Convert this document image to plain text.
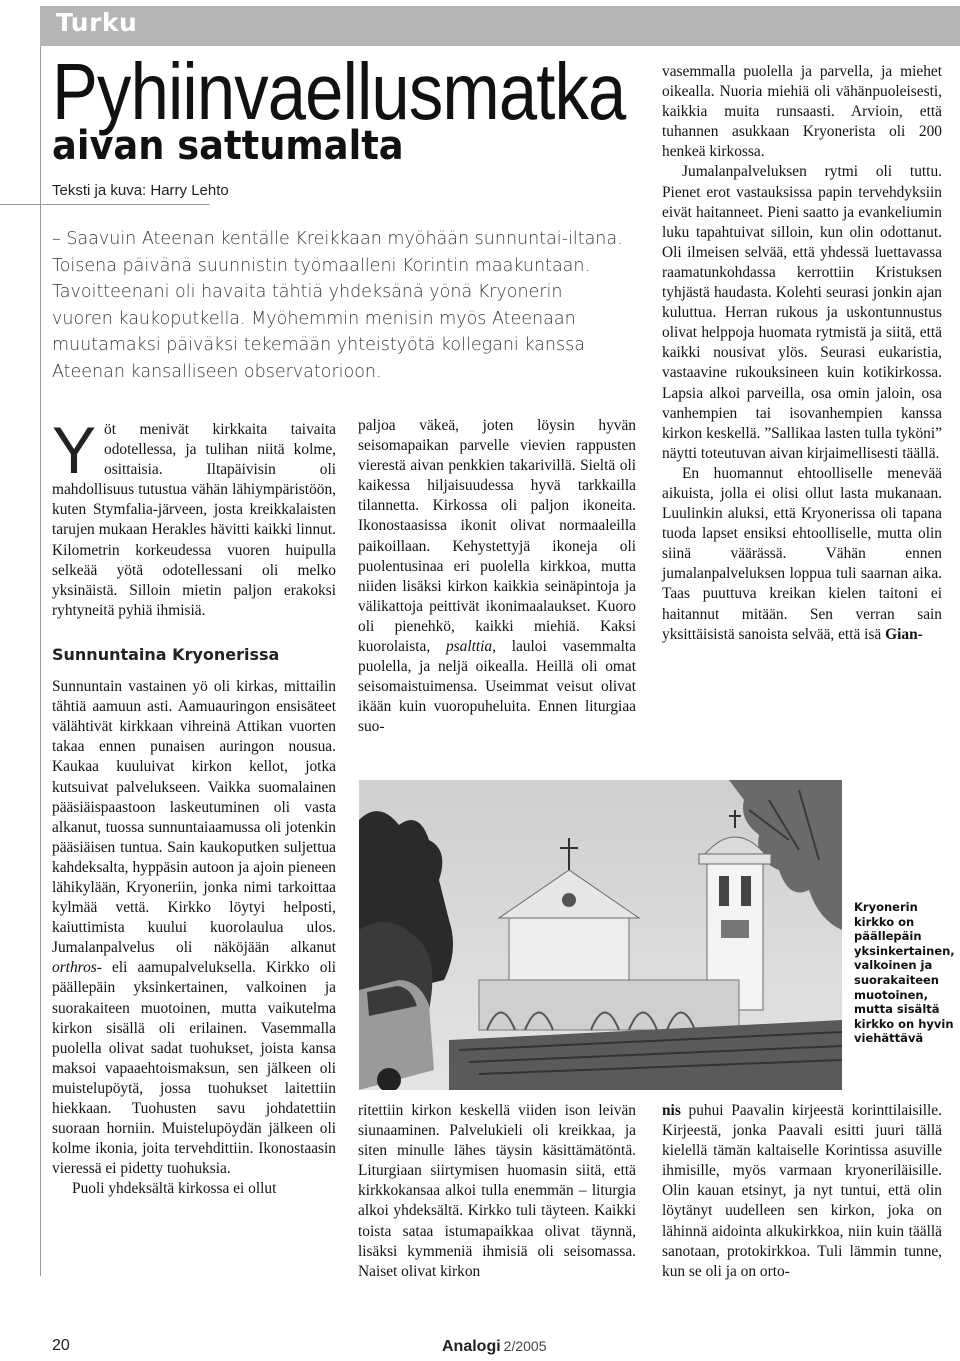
Turku
Pyhiinvaellusmatka
aivan sattumalta
Teksti ja kuva: Harry Lehto

– Saavuin Ateenan kentälle Kreikkaan myöhään sunnuntai-iltana. Toisena päivänä suunnistin työmaalleni Korintin maakuntaan. Tavoitteenani oli havaita tähtiä yhdeksänä yönä Kryonerin vuoren kaukoputkella. Myöhemmin menisin myös Ateenaan muutamaksi päiväksi tekemään yhteistyötä kollegani kanssa Ateenan kansalliseen observatorioon.

Yöt menivät kirkkaita taivaita odotellessa, ja tulihan niitä kolme, osittaisia. Iltapäivisin oli mahdollisuus tutustua vähän lähiympäristöön, kuten Stymfalia-järveen, josta kreikkalaisten tarujen mukaan Herakles hävitti kaikki linnut. Kilometrin korkeudessa vuoren huipulla selkeää yötä odotellessani oli melko yksinäistä. Silloin mietin paljon erakoksi ryhtyneitä pyhiä ihmisiä.

Sunnuntaina Kryonerissa

Sunnuntain vastainen yö oli kirkas, mittailin tähtiä aamuun asti. Aamuauringon ensisäteet välähtivät kirkkaan vihreinä Attikan vuorten takaa ennen punaisen auringon nousua. Kaukaa kuuluivat kirkon kellot, jotka kutsuivat palvelukseen. Vaikka suomalainen pääsiäispaastoon laskeutuminen oli vasta alkanut, tuossa sunnuntaiaamussa oli jotenkin pääsiäisen tuntua. Sain kaukoputken suljettua kahdeksalta, hyppäsin autoon ja ajoin pieneen lähikylään, Kryoneriin, jonka nimi tarkoittaa kylmää vettä. Kirkko löytyi helposti, kaiuttimista kuului kuorolaulua ulos. Jumalanpalvelus oli näköjään alkanut orthros- eli aamupalveluksella. Kirkko oli päällepäin yksinkertainen, valkoinen ja suorakaiteen muotoinen, mutta vaikutelma kirkon sisällä oli erilainen. Vasemmalla puolella olivat sadat tuohukset, joista kansa maksoi vapaaehtoismaksun, sen jälkeen oli muistelupöytä, jossa tuohukset laitettiin hiekkaan. Tuohusten savu johdatettiin suoraan horniin. Muistelupöydän jälkeen oli kolme ikonia, joita tervehdittiin. Ikonostaasin vieressä ei pidetty tuohuksia.

Puoli yhdeksältä kirkossa ei ollut

paljoa väkeä, joten löysin hyvän seisomapaikan parvelle vievien rappusten vierestä aivan penkkien takarivillä. Sieltä oli kaikessa hiljaisuudessa hyvä tarkkailla tilannetta. Kirkossa oli paljon ikoneita. Ikonostaasissa ikonit olivat normaaleilla paikoillaan. Kehystettyjä ikoneja oli puolentusinaa eri puolella kirkkoa, mutta niiden lisäksi kirkon kaikkia seinäpintoja ja välikattoja peittivät ikonimaalaukset. Kuoro oli pienehkö, kaikki miehiä. Kaksi kuorolaista, psalttia, lauloi vasemmalta puolella, ja neljä oikealla. Heillä oli omat seisomaistuimensa. Useimmat veisut olivat ikään kuin vuoropuheluita. Ennen liturgiaa suo-

vasemmalla puolella ja parvella, ja miehet oikealla. Nuoria miehiä oli vähänpuoleisesti, kaikkia muita runsaasti. Arvioin, että tuhannen asukkaan Kryonerista oli 200 henkeä kirkossa.

Jumalanpalveluksen rytmi oli tuttu. Pienet erot vastauksissa papin tervehdyksiin eivät haitanneet. Pieni saatto ja evankeliumin luku tapahtuivat silloin, kun olin odottanut. Oli ilmeisen selvää, että yhdessä luettavassa raamatunkohdassa kerrottiin Kristuksen tyhjästä haudasta. Kolehti seurasi jonkin ajan kuluttua. Herran rukous ja uskontunnustus olivat helppoja huomata rytmistä ja siitä, että kaikki nousivat ylös. Seurasi eukaristia, vastaavine rukouksineen kuin kotikirkossa. Lapsia alkoi parveilla, osa omin jaloin, osa vanhempien tai isovanhempien kanssa kirkon keskellä. ”Sallikaa lasten tulla tyköni” näytti toteutuvan aivan kirjaimellisesti täällä.

En huomannut ehtoolliselle menevää aikuista, jolla ei olisi ollut lasta mukanaan. Luulinkin aluksi, että Kryonerissa oli tapana tuoda lapset ensiksi ehtoolliselle, mutta olin siinä väärässä. Vähän ennen jumalanpalveluksen loppua tuli saarnan aika. Taas puuttuva kreikan kielen taitoni ei haitannut mitään. Sen verran sain yksittäisistä sanoista selvää, että isä Gian-

Kryonerin kirkko on päällepäin yksinkertainen, valkoinen ja suorakaiteen muotoinen, mutta sisältä kirkko on hyvin viehättävä

ritettiin kirkon keskellä viiden ison leivän siunaaminen. Palvelukieli oli kreikkaa, ja siten minulle lähes täysin käsittämätöntä. Liturgiaan siirtymisen huomasin siitä, että kirkkokansaa alkoi tulla enemmän – liturgia alkoi yhdeksältä. Kirkko tuli täyteen. Kaikki toista sataa istumapaikkaa olivat täynnä, lisäksi kymmeniä ihmisiä oli seisomassa. Naiset olivat kirkon

nis puhui Paavalin kirjeestä korinttilaisille. Kirjeestä, jonka Paavali esitti juuri tällä kielellä tämän kaltaiselle Korintissa asuville ihmisille, myös varmaan kryoneriläisille. Olin kauan etsinyt, ja nyt tuntui, että olin löytänyt uudelleen sen kirkon, joka on lähinnä aidointa alkukirkkoa, niin kuin täällä sanotaan, protokirkkoa. Tuli lämmin tunne, kun se oli ja on orto-

20	Analogi 2/2005
